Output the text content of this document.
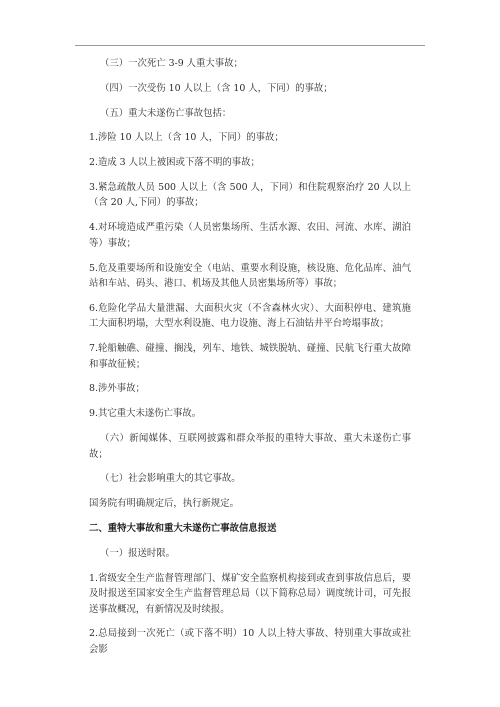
（三）一次死亡 3-9 人重大事故；

（四）一次受伤 10 人以上（含 10 人，下同）的事故；

（五）重大未遂伤亡事故包括：

1.涉险 10 人以上（含 10 人，下同）的事故；

2.造成 3 人以上被困或下落不明的事故；

3.紧急疏散人员 500 人以上（含 500 人，下同）和住院观察治疗 20 人以上（含 20 人,下同）的事故；

4.对环境造成严重污染（人员密集场所、生活水源、农田、河流、水库、湖泊等）事故；

5.危及重要场所和设施安全（电站、重要水利设施，核设施、危化品库、油气站和车站、码头、港口、机场及其他人员密集场所等）事故；

6.危险化学品大量泄漏、大面积火灾（不含森林火灾）、大面积停电、建筑施工大面积坍塌，大型水利设施、电力设施、海上石油钻井平台垮塌事故；

7.轮船触礁、碰撞、搁浅，列车、地铁、城铁脱轨、碰撞、民航飞行重大故障和事故征候；

8.涉外事故；

9.其它重大未遂伤亡事故。

（六）新闻媒体、互联网披露和群众举报的重特大事故、重大未遂伤亡事故；

（七）社会影响重大的其它事故。

国务院有明确规定后，执行新规定。

二、重特大事故和重大未遂伤亡事故信息报送

（一）报送时限。

1.省级安全生产监督管理部门、煤矿安全监察机构接到或查到事故信息后，要及时报送至国家安全生产监督管理总局（以下简称总局）调度统计司，可先报送事故概况，有新情况及时续报。

2.总局接到一次死亡（或下落不明）10 人以上特大事故、特别重大事故或社会影
